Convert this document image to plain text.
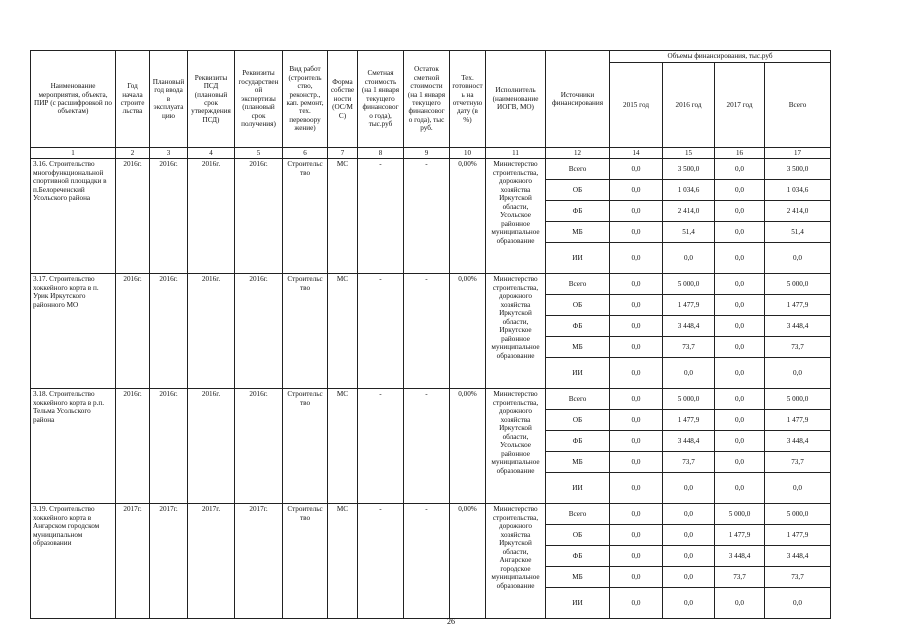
Наименование мероприятия, объекта, ПИР (с расшифровкой по объектам)	Год начала строите льства	Плановый год ввода в эксплуата цию	Реквизиты ПСД (плановый срок утверждения ПСД)	Реквизиты государствен ой экспертизы (плановый срок получения)	Вид работ (строитель ство, реконстр., кап. ремонт, тех. перевоору жение)	Форма собстве ности (ОС/М С)	Сметная стоимость (на 1 января текущего финансовог о года), тыс.руб	Остаток сметной стоимости (на 1 января текущего финансовог о года), тыс руб.	Тех. готовност ь на отчетную дату (в %)	Исполнитель (наименование ИОГВ, МО)	Источники финансирования	Объемы финансирования, тыс.руб			
												2015 год	2016 год	2017 год	Всего
1	2	3	4	5	6	7	8	9	10	11	12	14	15	16	17
3.16. Строительство многофункциональной спортивной площадки в п.Белореченский Усольского района	2016г.	2016г.	2016г.	2016г.	Строительс тво	МС	-	-	0,00%	Министерство строительства, дорожного хозяйства Иркутской области, Усольское районное муниципальное образование	Всего	0,0	3 500,0	0,0	3 500,0
											ОБ	0,0	1 034,6	0,0	1 034,6
											ФБ	0,0	2 414,0	0,0	2 414,0
											МБ	0,0	51,4	0,0	51,4
											ИИ	0,0	0,0	0,0	0,0
3.17. Строительство хоккейного корта в п. Урик Иркутского районного МО	2016г.	2016г.	2016г.	2016г.	Строительс тво	МС	-	-	0,00%	Министерство строительства, дорожного хозяйства Иркутской области, Иркутское районное муниципальное образование	Всего	0,0	5 000,0	0,0	5 000,0
											ОБ	0,0	1 477,9	0,0	1 477,9
											ФБ	0,0	3 448,4	0,0	3 448,4
											МБ	0,0	73,7	0,0	73,7
											ИИ	0,0	0,0	0,0	0,0
3.18. Строительство хоккейного корта в р.п. Тельма Усольского района	2016г.	2016г.	2016г.	2016г.	Строительс тво	МС	-	-	0,00%	Министерство строительства, дорожного хозяйства Иркутской области, Усольское районное муниципальное образование	Всего	0,0	5 000,0	0,0	5 000,0
											ОБ	0,0	1 477,9	0,0	1 477,9
											ФБ	0,0	3 448,4	0,0	3 448,4
											МБ	0,0	73,7	0,0	73,7
											ИИ	0,0	0,0	0,0	0,0
3.19. Строительство хоккейного корта в Ангарском городском муниципальном образовании	2017г.	2017г.	2017г.	2017г.	Строительс тво	МС	-	-	0,00%	Министерство строительства, дорожного хозяйства Иркутской области, Ангарское городское муниципальное образование	Всего	0,0	0,0	5 000,0	5 000,0
											ОБ	0,0	0,0	1 477,9	1 477,9
											ФБ	0,0	0,0	3 448,4	3 448,4
											МБ	0,0	0,0	73,7	73,7
											ИИ	0,0	0,0	0,0	0,0
26
